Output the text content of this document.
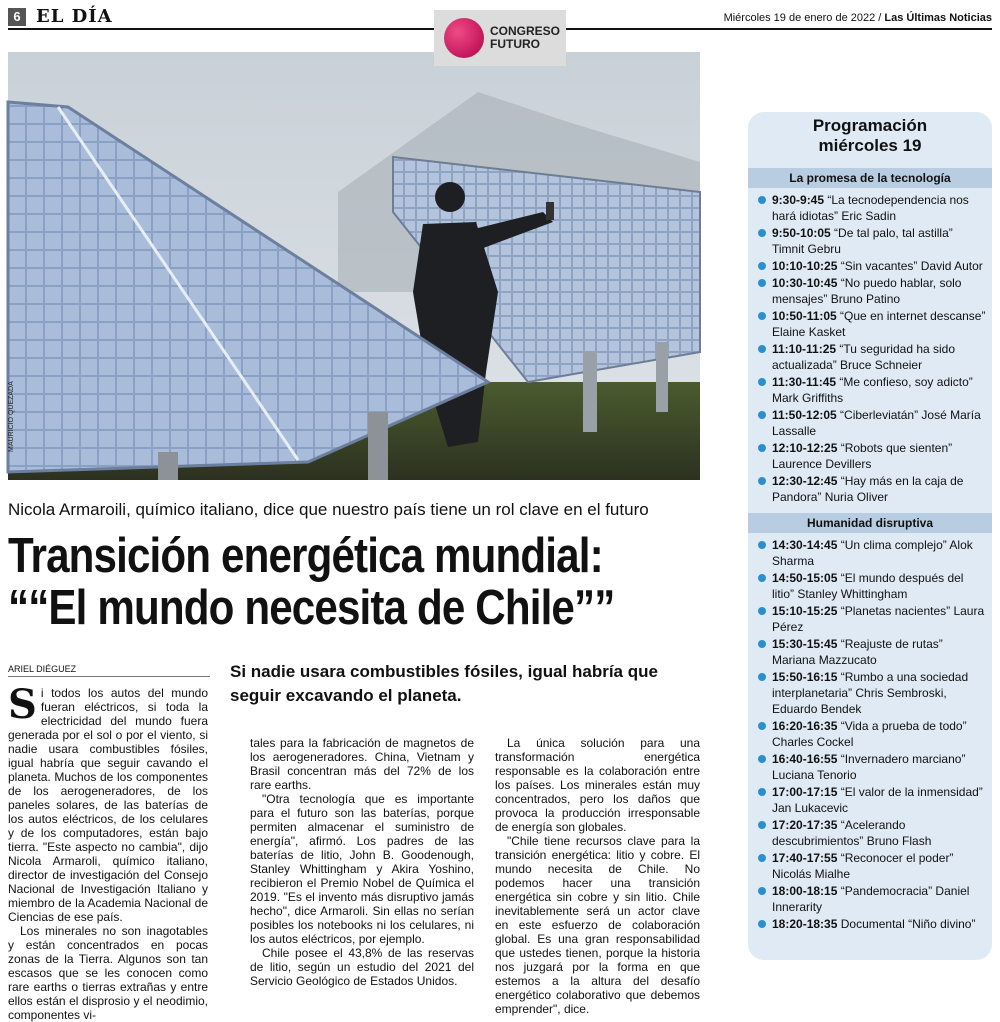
6 EL DÍA	Miércoles 19 de enero de 2022 / Las Últimas Noticias
CONGRESO
FUTURO
MAURICIO QUEZADA
Nicola Armaroili, químico italiano, dice que nuestro país tiene un rol clave en el futuro
Transición energética mundial:
““El mundo necesita de Chile””
ARIEL DIÉGUEZ	Si nadie usara combustibles fósiles, igual habría que seguir excavando el planeta.

Si todos los autos del mundo fueran eléctricos, si toda la electricidad del mundo fuera generada por el sol o por el viento, si nadie usara combustibles fósiles, igual habría que seguir cavando el planeta. Muchos de los componentes de los aerogeneradores, de los paneles solares, de las baterías de los autos eléctricos, de los celulares y de los computadores, están bajo tierra. "Este aspecto no cambia", dijo Nicola Armaroli, químico italiano, director de investigación del Consejo Nacional de Investigación Italiano y miembro de la Academia Nacional de Ciencias de ese país.

Los minerales no son inagotables y están concentrados en pocas zonas de la Tierra. Algunos son tan escasos que se les conocen como rare earths o tierras extrañas y entre ellos están el disprosio y el neodimio, componentes vi-

tales para la fabricación de magnetos de los aerogeneradores. China, Vietnam y Brasil concentran más del 72% de los rare earths.

"Otra tecnología que es importante para el futuro son las baterías, porque permiten almacenar el suministro de energía", afirmó. Los padres de las baterías de litio, John B. Goodenough, Stanley Whittingham y Akira Yoshino, recibieron el Premio Nobel de Química el 2019. "Es el invento más disruptivo jamás hecho", dice Armaroli. Sin ellas no serían posibles los notebooks ni los celulares, ni los autos eléctricos, por ejemplo.

Chile posee el 43,8% de las reservas de litio, según un estudio del 2021 del Servicio Geológico de Estados Unidos.

La única solución para una transformación energética responsable es la colaboración entre los países. Los minerales están muy concentrados, pero los daños que provoca la producción irresponsable de energía son globales.

"Chile tiene recursos clave para la transición energética: litio y cobre. El mundo necesita de Chile. No podemos hacer una transición energética sin cobre y sin litio. Chile inevitablemente será un actor clave en este esfuerzo de colaboración global. Es una gran responsabilidad que ustedes tienen, porque la historia nos juzgará por la forma en que estemos a la altura del desafío energético colaborativo que debemos emprender", dice.

Programación
miércoles 19
La promesa de la tecnología
9:30-9:45 “La tecnodependencia nos hará idiotas” Eric Sadin
9:50-10:05 “De tal palo, tal astilla” Timnit Gebru
10:10-10:25 “Sin vacantes” David Autor
10:30-10:45 “No puedo hablar, solo mensajes” Bruno Patino
10:50-11:05 “Que en internet descanse” Elaine Kasket
11:10-11:25 “Tu seguridad ha sido actualizada” Bruce Schneier
11:30-11:45 “Me confieso, soy adicto” Mark Griffiths
11:50-12:05 “Ciberleviatán” José María Lassalle
12:10-12:25 “Robots que sienten” Laurence Devillers
12:30-12:45 “Hay más en la caja de Pandora” Nuria Oliver
Humanidad disruptiva
14:30-14:45 “Un clima complejo” Alok Sharma
14:50-15:05 “El mundo después del litio” Stanley Whittingham
15:10-15:25 “Planetas nacientes” Laura Pérez
15:30-15:45 “Reajuste de rutas” Mariana Mazzucato
15:50-16:15 “Rumbo a una sociedad interplanetaria” Chris Sembroski, Eduardo Bendek
16:20-16:35 “Vida a prueba de todo” Charles Cockel
16:40-16:55 “Invernadero marciano” Luciana Tenorio
17:00-17:15 “El valor de la inmensidad” Jan Lukacevic
17:20-17:35 “Acelerando descubrimientos” Bruno Flash
17:40-17:55 “Reconocer el poder” Nicolás Mialhe
18:00-18:15 “Pandemocracia” Daniel Innerarity
18:20-18:35 Documental “Niño divino”
